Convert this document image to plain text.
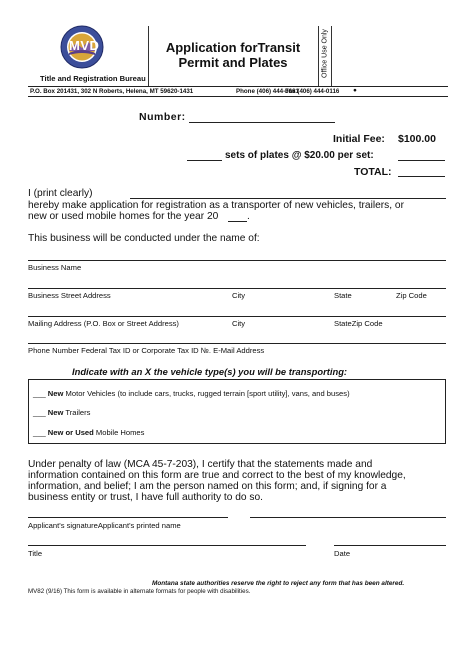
MVD
Title and Registration Bureau
Application forTransit
Permit and Plates	Office Use Only
P.O. Box 201431, 302 N Roberts, Helena, MT 59620-1431	Phone (406) 444-3661
Fax (406) 444-0116 ●
Number:
Initial Fee: $100.00
sets of plates @ $20.00 per set:
TOTAL:
I (print clearly)
hereby make application for registration as a transporter of new vehicles, trailers, or
new or used mobile homes for the year 20	.
This business will be conducted under the name of:
Business Name
Business Street Address	City	State	Zip Code
Mailing Address (P.O. Box or Street Address)	City	StateZip Code
Phone Number Federal Tax ID or Corporate Tax ID №. E-Mail Address
Indicate with an X the vehicle type(s) you will be transporting:
___ New Motor Vehicles (to include cars, trucks, rugged terrain [sport utility], vans, and buses)
___ New Trailers
___ New or Used Mobile Homes
Under penalty of law (MCA 45-7-203), I certify that the statements made and
information contained on this form are true and correct to the best of my knowledge,
information, and belief; I am the person named on this form; and, if signing for a
business entity or trust, I have full authority to do so.
Applicant's signatureApplicant's printed name
Title	Date
Montana state authorities reserve the right to reject any form that has been altered.
MV82 (9/16) This form is available in alternate formats for people with disabilities.
